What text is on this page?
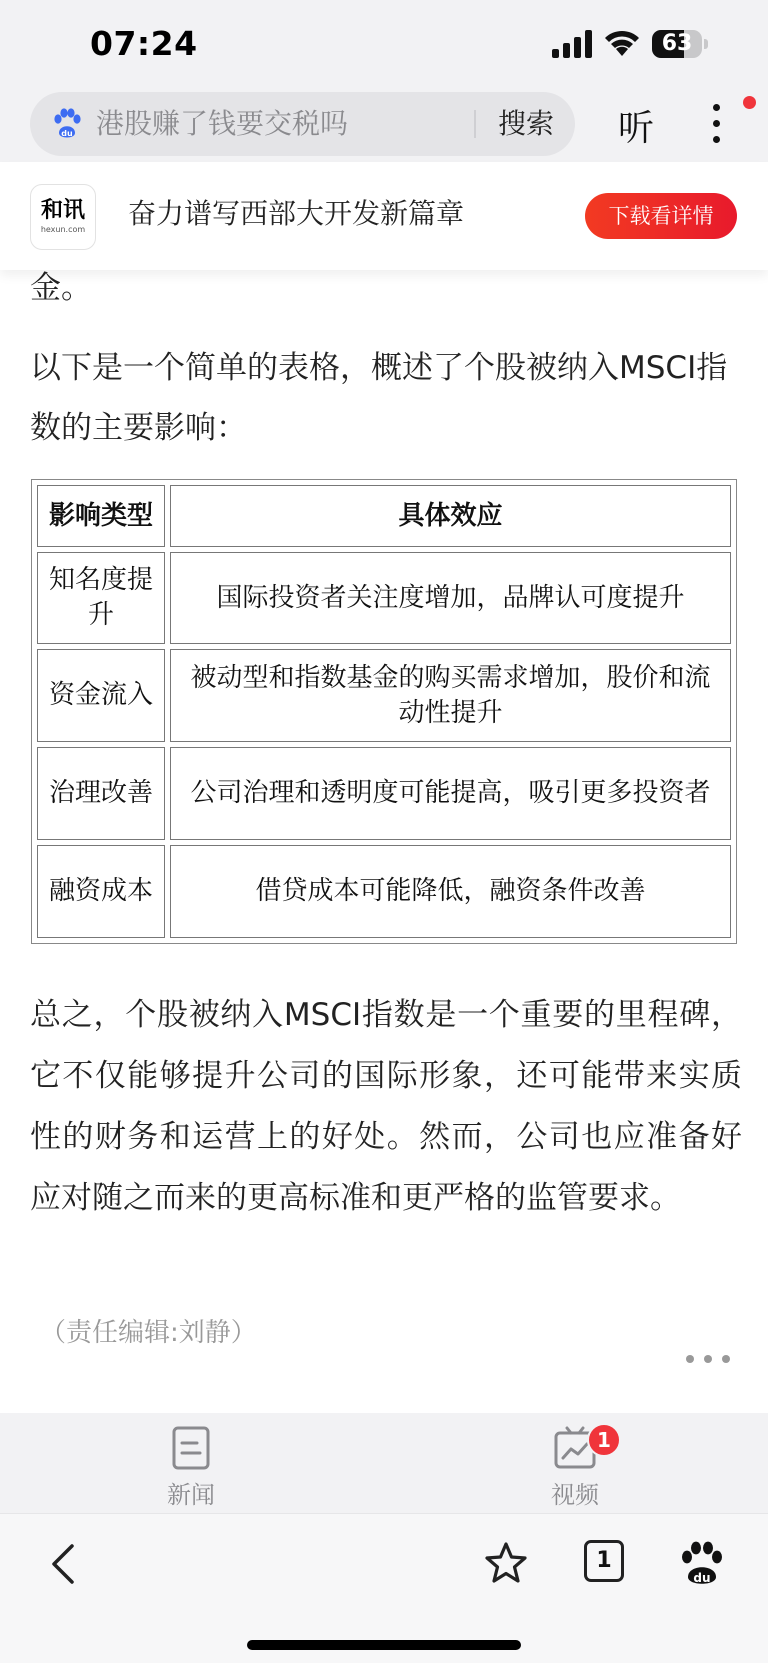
07:24	63
du 港股赚了钱要交税吗	搜索 听
和讯
hexun.com	奋力谱写西部大开发新篇章	下载看详情
金。
以下是一个简单的表格，概述了个股被纳入MSCI指数的主要影响：
影响类型	具体效应
知名度提升	国际投资者关注度增加，品牌认可度提升
资金流入	被动型和指数基金的购买需求增加，股价和流动性提升
治理改善	公司治理和透明度可能提高，吸引更多投资者
融资成本	借贷成本可能降低，融资条件改善
总之，个股被纳入MSCI指数是一个重要的里程碑，它不仅能够提升公司的国际形象，还可能带来实质性的财务和运营上的好处。然而，公司也应准备好应对随之而来的更高标准和更严格的监管要求。
（责任编辑:刘静）
新闻	视频
1
1
du
